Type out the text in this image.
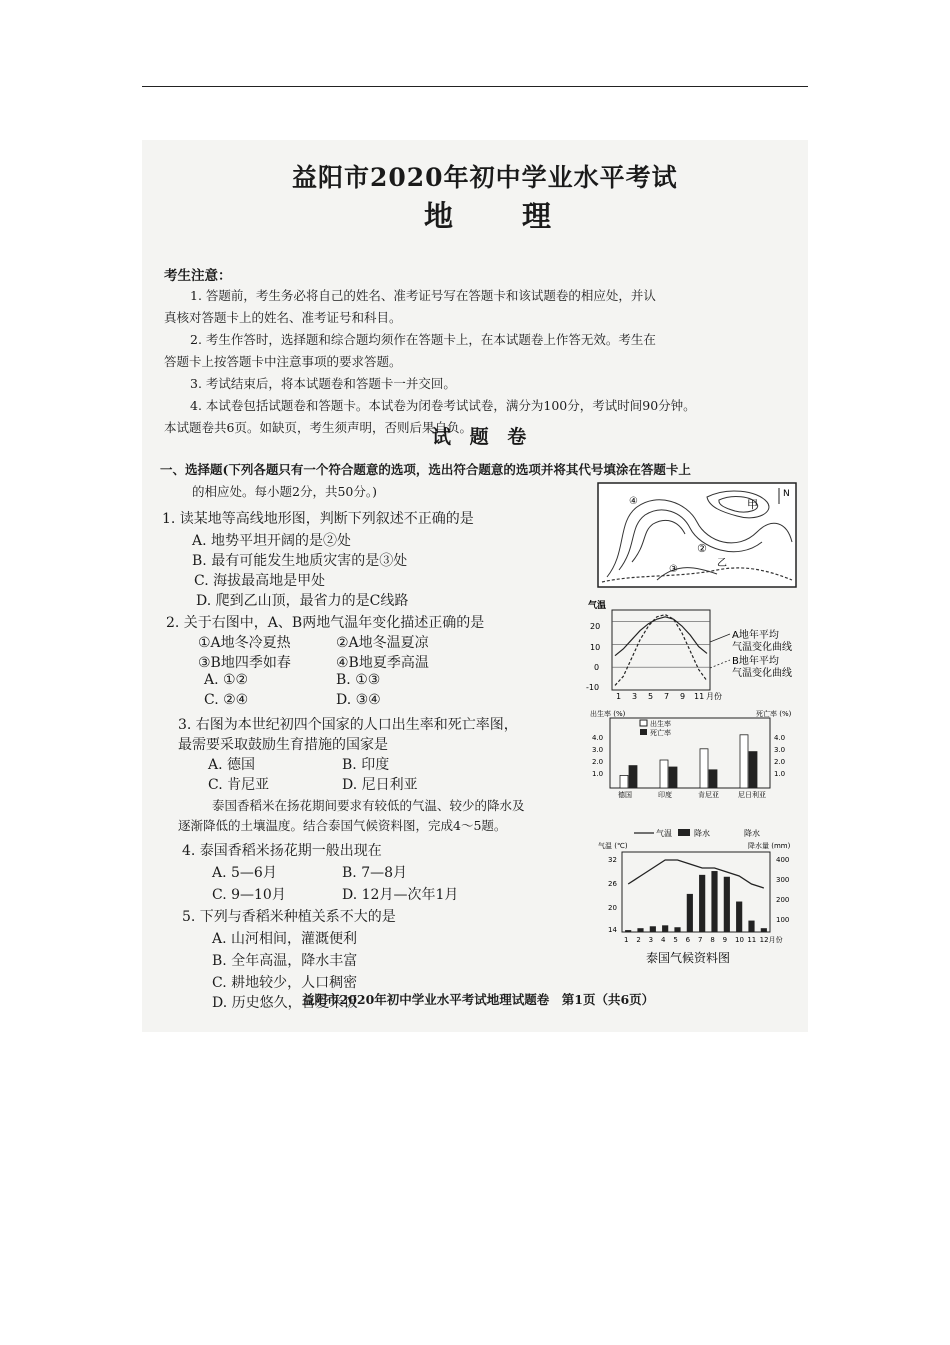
益阳市2020年初中学业水平考试
地　理
考生注意：
1. 答题前，考生务必将自己的姓名、准考证号写在答题卡和该试题卷的相应处，并认
真核对答题卡上的姓名、准考证号和科目。
2. 考生作答时，选择题和综合题均须作在答题卡上，在本试题卷上作答无效。考生在
答题卡上按答题卡中注意事项的要求答题。
3. 考试结束后，将本试题卷和答题卡一并交回。
4. 本试卷包括试题卷和答题卡。本试卷为闭卷考试试卷，满分为100分，考试时间90分钟。
本试题卷共6页。如缺页，考生须声明，否则后果自负。
试 题 卷
一、选择题(下列各题只有一个符合题意的选项，选出符合题意的选项并将其代号填涂在答题卡上
的相应处。每小题2分，共50分。)
1. 读某地等高线地形图，判断下列叙述不正确的是
A. 地势平坦开阔的是②处
B. 最有可能发生地质灾害的是③处
C. 海拔最高地是甲处
D. 爬到乙山顶，最省力的是C线路
2. 关于右图中，A、B两地气温年变化描述正确的是
①A地冬冷夏热	②A地冬温夏凉
③B地四季如春	④B地夏季高温
A. ①②	B. ①③
C. ②④	D. ③④
3. 右图为本世纪初四个国家的人口出生率和死亡率图，
最需要采取鼓励生育措施的国家是
A. 德国	B. 印度
C. 肯尼亚	D. 尼日利亚
泰国香稻米在扬花期间要求有较低的气温、较少的降水及
逐渐降低的土壤温度。结合泰国气候资料图，完成4～5题。
4. 泰国香稻米扬花期一般出现在
A. 5—6月	B. 7—8月
C. 9—10月	D. 12月—次年1月
5. 下列与香稻米种植关系不大的是
A. 山河相间，灌溉便利
B. 全年高温，降水丰富
C. 耕地较少，人口稠密
D. 历史悠久，喜爱米饭
N
甲
②
④
③
乙
气温
20
10
0
-10
1 3 5 7 9 11 月份
A地年平均
气温变化曲线
B地年平均
气温变化曲线
出生率 (%)	死亡率 (%)
4.0
3.0
2.0
1.0
4.0
3.0
2.0
1.0
出生率
死亡率
德国	印度	肯尼亚	尼日利亚
气温	降水
气温 (℃)	降水量 (mm)
降水
32
26
20
14
400
300
200
100
泰国气候资料图
1 2 3 4 5 6 7 8 9 10 11 12月份
益阳市2020年初中学业水平考试地理试题卷　第1页（共6页）
